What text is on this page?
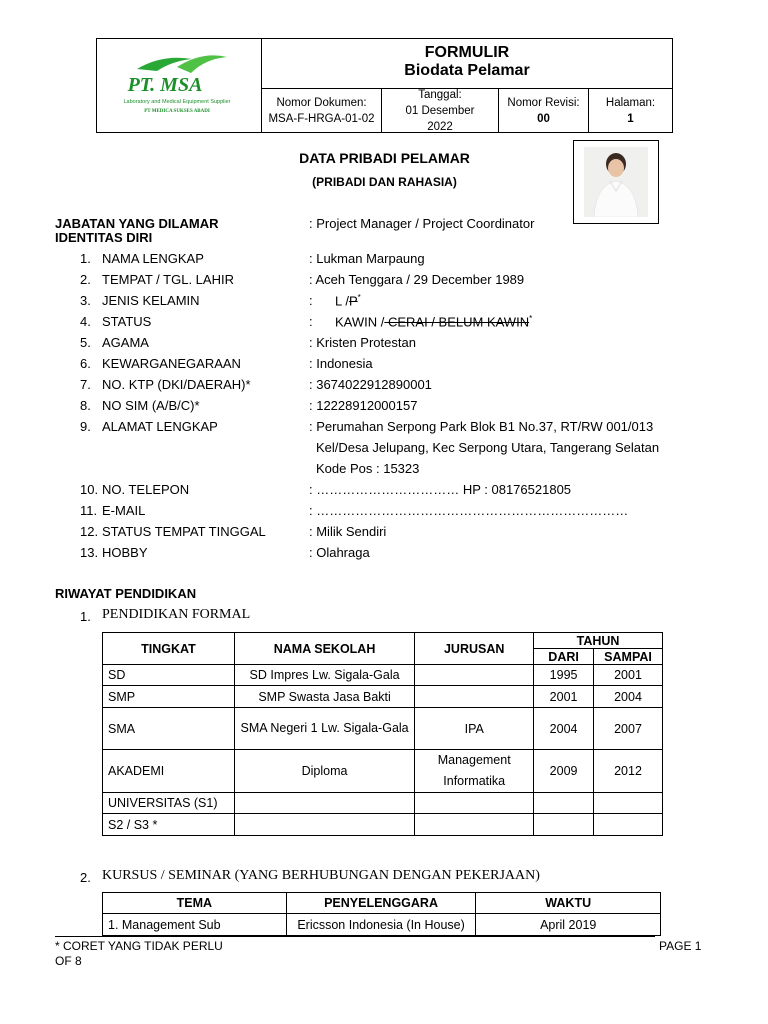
PT. MSA
Laboratory and Medical Equipment Supplier
PT MEDICA SUKSES ABADI
FORMULIR
Biodata Pelamar
Nomor Dokumen:
MSA-F-HRGA-01-02
Tanggal:
01 Desember
2022
Nomor Revisi:
00
Halaman:
1
DATA PRIBADI PELAMAR
(PRIBADI DAN RAHASIA)
JABATAN YANG DILAMAR	: Project Manager / Project Coordinator
IDENTITAS DIRI
1. NAMA LENGKAP	: Lukman Marpaung
2. TEMPAT / TGL. LAHIR	: Aceh Tenggara / 29 December 1989
3. JENIS KELAMIN	: L /P*
4. STATUS	: KAWIN / CERAI / BELUM KAWIN*
5. AGAMA	: Kristen Protestan
6. KEWARGANEGARAAN	: Indonesia
7. NO. KTP (DKI/DAERAH)*	: 3674022912890001
8. NO SIM (A/B/C)*	: 12228912000157
9. ALAMAT LENGKAP	: Perumahan Serpong Park Blok B1 No.37, RT/RW 001/013
Kel/Desa Jelupang, Kec Serpong Utara, Tangerang Selatan
Kode Pos : 15323
10. NO. TELEPON	: …………………………… HP : 08176521805
11. E-MAIL	: ………………………………………………………………
12. STATUS TEMPAT TINGGAL	: Milik Sendiri
13. HOBBY	: Olahraga
RIWAYAT PENDIDIKAN
1. PENDIDIKAN FORMAL
TINGKAT	NAMA SEKOLAH	JURUSAN	TAHUN	
			DARI	SAMPAI
SD	SD Impres Lw. Sigala-Gala		1995	2001
SMP	SMP Swasta Jasa Bakti		2001	2004
SMA	SMA Negeri 1 Lw. Sigala-Gala	IPA	2004	2007
AKADEMI	Diploma	Management Informatika	2009	2012
UNIVERSITAS (S1)				
S2 / S3 *				
2. KURSUS / SEMINAR (YANG BERHUBUNGAN DENGAN PEKERJAAN)
TEMA	PENYELENGGARA	WAKTU
1. Management Sub	Ericsson Indonesia (In House)	April 2019
* CORET YANG TIDAK PERLU	PAGE 1
OF 8
